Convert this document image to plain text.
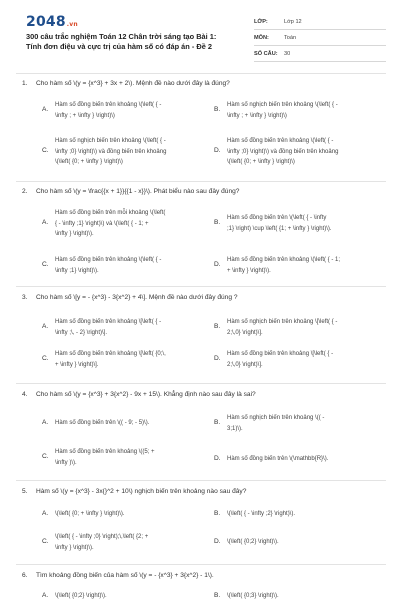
2048.vn
300 câu trắc nghiệm Toán 12 Chân trời sáng tạo Bài 1:
Tính đơn điệu và cực trị của hàm số có đáp án - Đề 2
LỚP:	Lớp 12
MÔN:	Toán
SỐ CÂU:	30
1. Cho hàm số \(y = {x^3} + 3x + 2\). Mệnh đề nào dưới đây là đúng?
A.
Hàm số đồng biến trên khoảng \(\left( { -
\infty ; + \infty } \right)\)
B.
Hàm số nghịch biến trên khoảng \(\left( { -
\infty ; + \infty } \right)\)
C.
Hàm số nghịch biến trên khoảng \(\left( { -
\infty ;0} \right)\) và đồng biến trên khoảng
\(\left( {0; + \infty } \right)\)
D.
Hàm số đồng biến trên khoảng \(\left( { -
\infty ;0} \right)\) và đồng biến trên khoảng
\(\left( {0; + \infty } \right)\)
2. Cho hàm số \(y = \frac{{x + 1}}{{1 - x}}\). Phát biểu nào sau đây đúng?
A.
Hàm số đồng biến trên mỗi khoảng \(\left(
{ - \infty ;1} \right)\) và \(\left( { - 1; +
\infty } \right)\).
B.
Hàm số đồng biến trên \(\left( { - \infty
;1} \right) \cup \left( {1; + \infty } \right)\).
C.
Hàm số đồng biến trên khoảng \(\left( { -
\infty ;1} \right)\).
D.
Hàm số đồng biến trên khoảng \(\left( { - 1;
+ \infty } \right)\).
3. Cho hàm số \[y = - {x^3} - 3{x^2} + 4\]. Mệnh đề nào dưới đây đúng ?
A.
Hàm số đồng biến trên khoảng \[\left( { -
\infty ;\, - 2} \right)\].
B.
Hàm số nghịch biến trên khoảng \[\left( { -
2;\,0} \right)\].
C.
Hàm số đồng biến trên khoảng \[\left( {0;\,
+ \infty } \right)\].
D.
Hàm số đồng biến trên khoảng \[\left( { -
2;\,0} \right)\].
4. Cho hàm số \(y = {x^3} + 3{x^2} - 9x + 15\). Khẳng định nào sau đây là sai?
A. Hàm số đồng biến trên \(( - 9; - 5)\).	B.
Hàm số nghịch biến trên khoảng \(( -
3;1)\).
C.
Hàm số đồng biến trên khoảng \((5; +
\infty )\).
D. Hàm số đồng biến trên \(\mathbb{R}\).
5. Hàm số \(y = {x^3} - 3x{}^2 + 10\) nghịch biến trên khoảng nào sau đây?
A. \(\left( {0; + \infty } \right)\).	B. \(\left( { - \infty ;2} \right)\).
C.
\(\left( { - \infty ;0} \right);\,\left( {2; +
\infty } \right)\).
D. \(\left( {0;2} \right)\).
6. Tìm khoảng đồng biến của hàm số \(y = - {x^3} + 3{x^2} - 1\).
A. \(\left( {0;2} \right)\).	B. \(\left( {0;3} \right)\).
